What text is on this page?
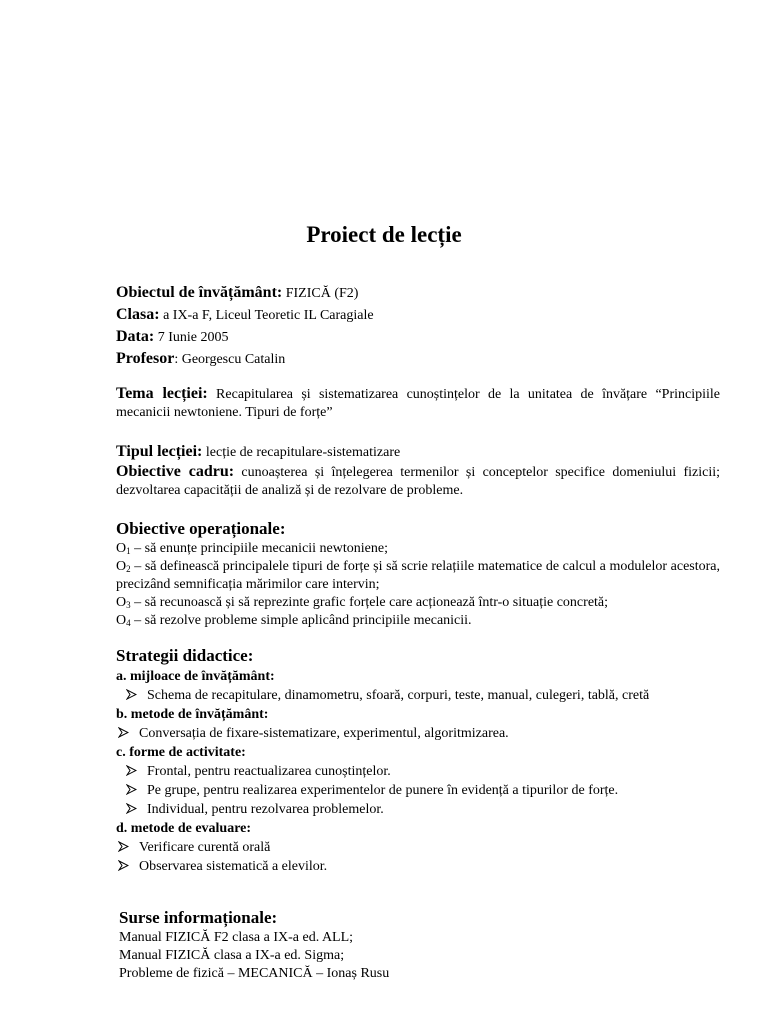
Proiect de lecție
Obiectul de învățământ: FIZICĂ (F2)
Clasa: a IX-a F, Liceul Teoretic IL Caragiale
Data: 7 Iunie 2005
Profesor: Georgescu Catalin
Tema lecției: Recapitularea și sistematizarea cunoștințelor de la unitatea de învățare “Principiile mecanicii newtoniene. Tipuri de forțe”
Tipul lecției: lecție de recapitulare-sistematizare
Obiective cadru: cunoașterea și înțelegerea termenilor și conceptelor specifice domeniului fizicii; dezvoltarea capacității de analiză și de rezolvare de probleme.
Obiective operaționale:
$O_1$ – să enunțe principiile mecanicii newtoniene;
$O_2$ – să definească principalele tipuri de forțe și să scrie relațiile matematice de calcul a modulelor acestora, precizând semnificația mărimilor care intervin;
$O_3$ – să recunoască și să reprezinte grafic forțele care acționează într-o situație concretă;
$O_4$ – să rezolve probleme simple aplicând principiile mecanicii.
Strategii didactice:
a. mijloace de învățământ:
Schema de recapitulare, dinamometru, sfoară, corpuri, teste, manual, culegeri, tablă, cretă
b. metode de învățământ:
Conversația de fixare-sistematizare, experimentul, algoritmizarea.
c. forme de activitate:
Frontal, pentru reactualizarea cunoștințelor.
Pe grupe, pentru realizarea experimentelor de punere în evidență a tipurilor de forțe.
Individual, pentru rezolvarea problemelor.
d. metode de evaluare:
Verificare curentă orală
Observarea sistematică a elevilor.
Surse informaționale:
Manual FIZICĂ F2 clasa a IX-a ed. ALL;
Manual FIZICĂ clasa a IX-a ed. Sigma;
Probleme de fizică – MECANICĂ – Ionaș Rusu
